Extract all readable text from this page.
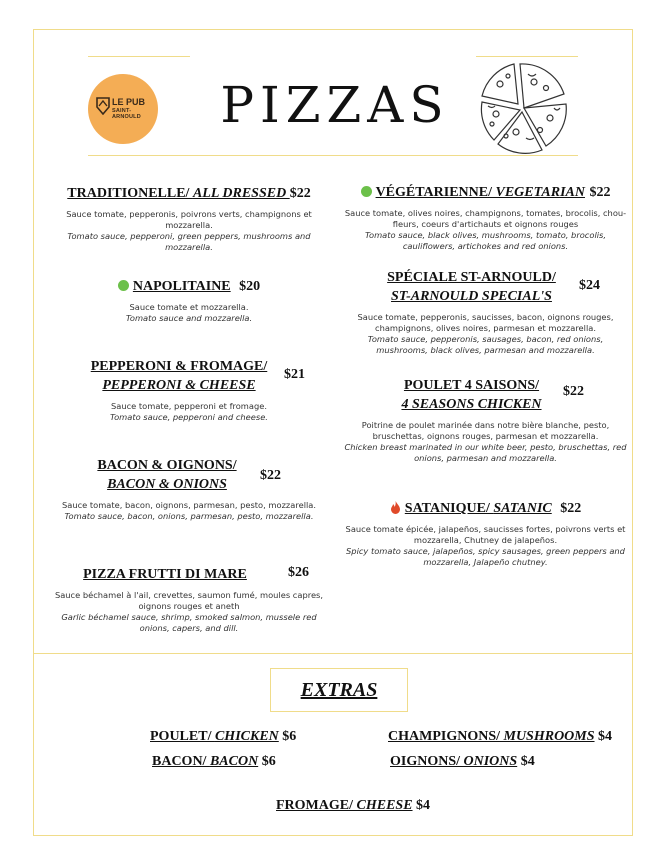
LE PUB
SAINT-ARNOULD	PIZZAS
TRADITIONELLE/ ALL DRESSED $22
Sauce tomate, pepperonis, poivrons verts, champignons et mozzarella.
Tomato sauce, pepperoni, green peppers, mushrooms and mozzarella.
NAPOLITAINE $20
Sauce tomate et mozzarella.
Tomato sauce and mozzarella.
PEPPERONI & FROMAGE/
PEPPERONI & CHEESE
$21
Sauce tomate, pepperoni et fromage.
Tomato sauce, pepperoni and cheese.
BACON & OIGNONS/
BACON & ONIONS
$22
Sauce tomate, bacon, oignons, parmesan, pesto, mozzarella.
Tomato sauce, bacon, onions, parmesan, pesto, mozzarella.
PIZZA FRUTTI DI MARE	$26
Sauce béchamel à l'ail, crevettes, saumon fumé, moules capres, oignons rouges et aneth
Garlic béchamel sauce, shrimp, smoked salmon, mussele red onions, capers, and dill.
VÉGÉTARIENNE/ VEGETARIAN $22
Sauce tomate, olives noires, champignons, tomates, brocolis, chou-fleurs, coeurs d'artichauts et oignons rouges
Tomato sauce, black olives, mushrooms, tomato, brocolis, cauliflowers, artichokes and red onions.
SPÉCIALE ST-ARNOULD/
ST-ARNOULD SPECIAL'S
$24
Sauce tomate, pepperonis, saucisses, bacon, oignons rouges, champignons, olives noires, parmesan et mozzarella.
Tomato sauce, pepperonis, sausages, bacon, red onions, mushrooms, black olives, parmesan and mozzarella.
POULET 4 SAISONS/
4 SEASONS CHICKEN
$22
Poitrine de poulet marinée dans notre bière blanche, pesto, bruschettas, oignons rouges, parmesan et mozzarella.
Chicken breast marinated in our white beer, pesto, bruschettas, red onions, parmesan and mozzarella.
SATANIQUE/ SATANIC $22
Sauce tomate épicée, jalapeños, saucisses fortes, poivrons verts et mozzarella, Chutney de jalapeños.
Spicy tomato sauce, jalapeños, spicy sausages, green peppers and mozzarella, Jalapeño chutney.
EXTRAS
POULET/ CHICKEN $6	CHAMPIGNONS/ MUSHROOMS $4
BACON/ BACON $6	OIGNONS/ ONIONS $4
FROMAGE/ CHEESE $4
